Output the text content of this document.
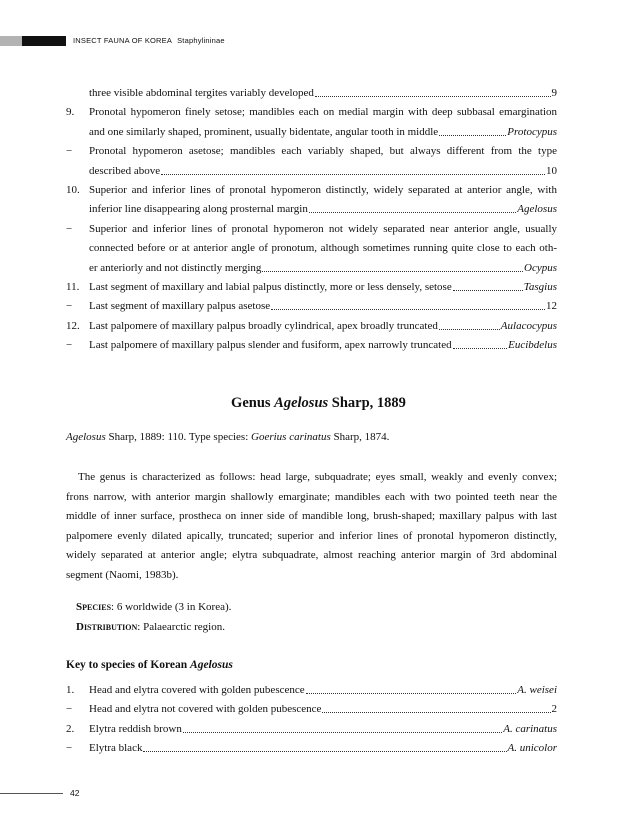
INSECT FAUNA OF KOREA Staphylininae
three visible abdominal tergites variably developed	9
9.	Pronotal hypomeron finely setose; mandibles each on medial margin with deep subbasal emargination
and one similarly shaped, prominent, usually bidentate, angular tooth in middle	Protocypus
−	Pronotal hypomeron asetose; mandibles each variably shaped, but always different from the type
described above	10
10. Superior and inferior lines of pronotal hypomeron distinctly, widely separated at anterior angle, with
inferior line disappearing along prosternal margin	Agelosus
−	Superior and inferior lines of pronotal hypomeron not widely separated near anterior angle, usually
connected before or at anterior angle of pronotum, although sometimes running quite close to each oth-
er anteriorly and not distinctly merging	Ocypus
11. Last segment of maxillary and labial palpus distinctly, more or less densely, setose	Tasgius
−	Last segment of maxillary palpus asetose	12
12. Last palpomere of maxillary palpus broadly cylindrical, apex broadly truncated	Aulacocypus
−	Last palpomere of maxillary palpus slender and fusiform, apex narrowly truncated	Eucibdelus
Genus Agelosus Sharp, 1889
Agelosus Sharp, 1889: 110. Type species: Goerius carinatus Sharp, 1874.
The genus is characterized as follows: head large, subquadrate; eyes small, weakly and evenly convex;
frons narrow, with anterior margin shallowly emarginate; mandibles each with two pointed teeth near the
middle of inner surface, prostheca on inner side of mandible long, brush-shaped; maxillary palpus with last
palpomere evenly dilated apically, truncated; superior and inferior lines of pronotal hypomeron distinctly,
widely separated at anterior angle; elytra subquadrate, almost reaching anterior margin of 3rd abdominal
segment (Naomi, 1983b).
Species: 6 worldwide (3 in Korea).
Distribution: Palaearctic region.
Key to species of Korean Agelosus
1.	Head and elytra covered with golden pubescence	A. weisei
−	Head and elytra not covered with golden pubescence	2
2.	Elytra reddish brown	A. carinatus
−	Elytra black	A. unicolor
42
